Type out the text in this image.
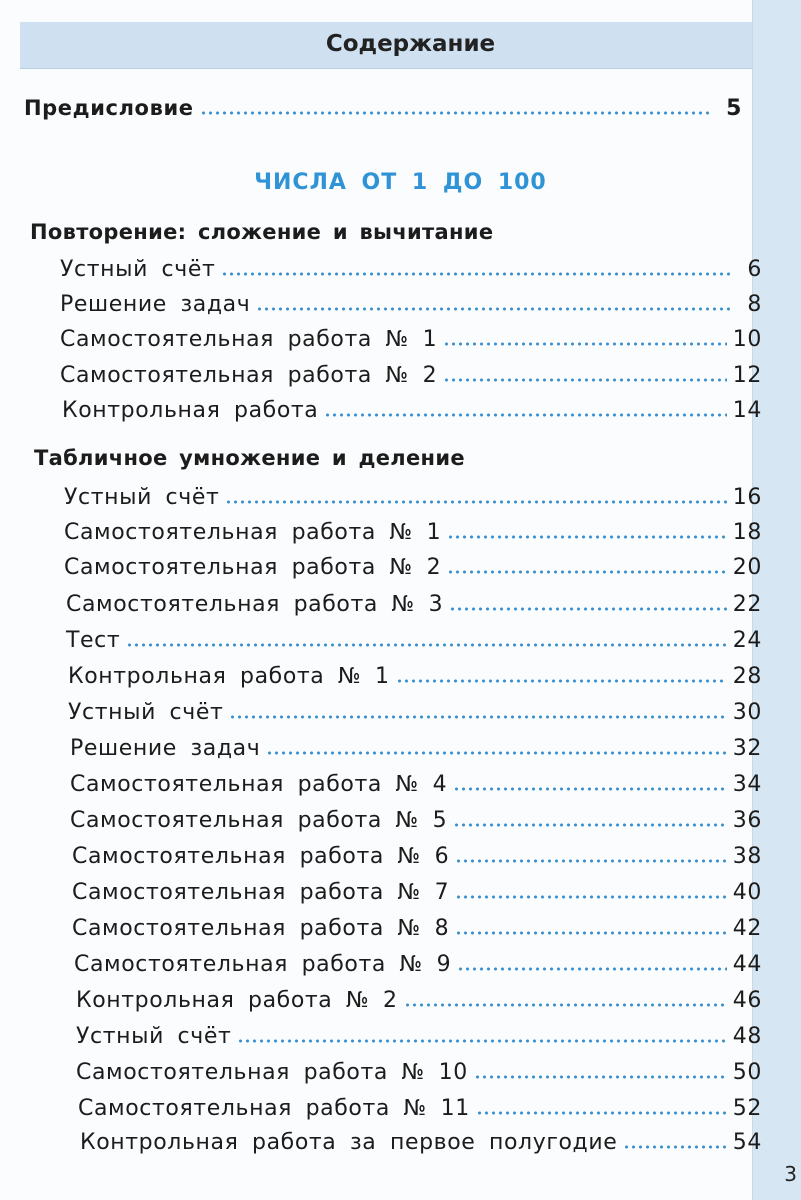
Содержание
Предисловие	5
ЧИСЛА ОТ 1 ДО 100
Повторение: сложение и вычитание
Устный счёт	6
Решение задач	8
Самостоятельная работа № 1	10
Самостоятельная работа № 2	12
Контрольная работа	14
Устный счёт	16
Самостоятельная работа № 1	18
Самостоятельная работа № 2	20
Самостоятельная работа № 3	22
Тест	24
Контрольная работа № 1	28
Устный счёт	30
Решение задач	32
Самостоятельная работа № 4	34
Самостоятельная работа № 5	36
Самостоятельная работа № 6	38
Самостоятельная работа № 7	40
Самостоятельная работа № 8	42
Самостоятельная работа № 9	44
Контрольная работа № 2	46
Устный счёт	48
Самостоятельная работа № 10	50
Самостоятельная работа № 11	52
Контрольная работа за первое полугодие	54
Табличное умножение и деление
3
